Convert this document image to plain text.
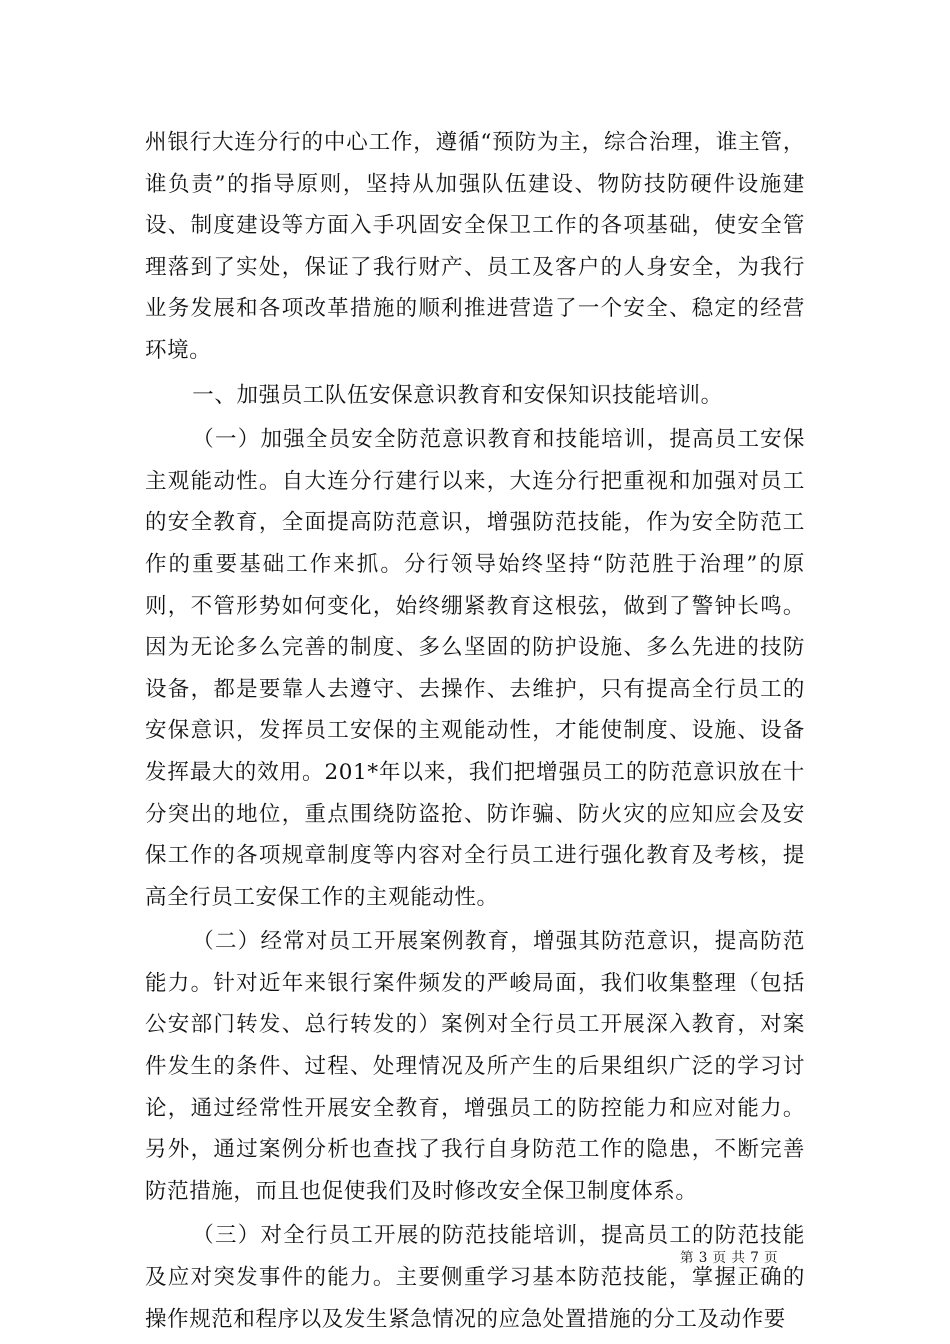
州银行大连分行的中心工作，遵循“预防为主，综合治理，谁主管，谁负责”的指导原则，坚持从加强队伍建设、物防技防硬件设施建设、制度建设等方面入手巩固安全保卫工作的各项基础，使安全管理落到了实处，保证了我行财产、员工及客户的人身安全，为我行业务发展和各项改革措施的顺利推进营造了一个安全、稳定的经营环境。

一、加强员工队伍安保意识教育和安保知识技能培训。

（一）加强全员安全防范意识教育和技能培训，提高员工安保主观能动性。自大连分行建行以来，大连分行把重视和加强对员工的安全教育，全面提高防范意识，增强防范技能，作为安全防范工作的重要基础工作来抓。分行领导始终坚持“防范胜于治理”的原则，不管形势如何变化，始终绷紧教育这根弦，做到了警钟长鸣。因为无论多么完善的制度、多么坚固的防护设施、多么先进的技防设备，都是要靠人去遵守、去操作、去维护，只有提高全行员工的安保意识，发挥员工安保的主观能动性，才能使制度、设施、设备发挥最大的效用。201*年以来，我们把增强员工的防范意识放在十分突出的地位，重点围绕防盗抢、防诈骗、防火灾的应知应会及安保工作的各项规章制度等内容对全行员工进行强化教育及考核，提高全行员工安保工作的主观能动性。

（二）经常对员工开展案例教育，增强其防范意识，提高防范能力。针对近年来银行案件频发的严峻局面，我们收集整理（包括公安部门转发、总行转发的）案例对全行员工开展深入教育，对案件发生的条件、过程、处理情况及所产生的后果组织广泛的学习讨论，通过经常性开展安全教育，增强员工的防控能力和应对能力。另外，通过案例分析也查找了我行自身防范工作的隐患，不断完善防范措施，而且也促使我们及时修改安全保卫制度体系。

（三）对全行员工开展的防范技能培训，提高员工的防范技能及应对突发事件的能力。主要侧重学习基本防范技能，掌握正确的操作规范和程序以及发生紧急情况的应急处置措施的分工及动作要

第 3 页 共 7 页
